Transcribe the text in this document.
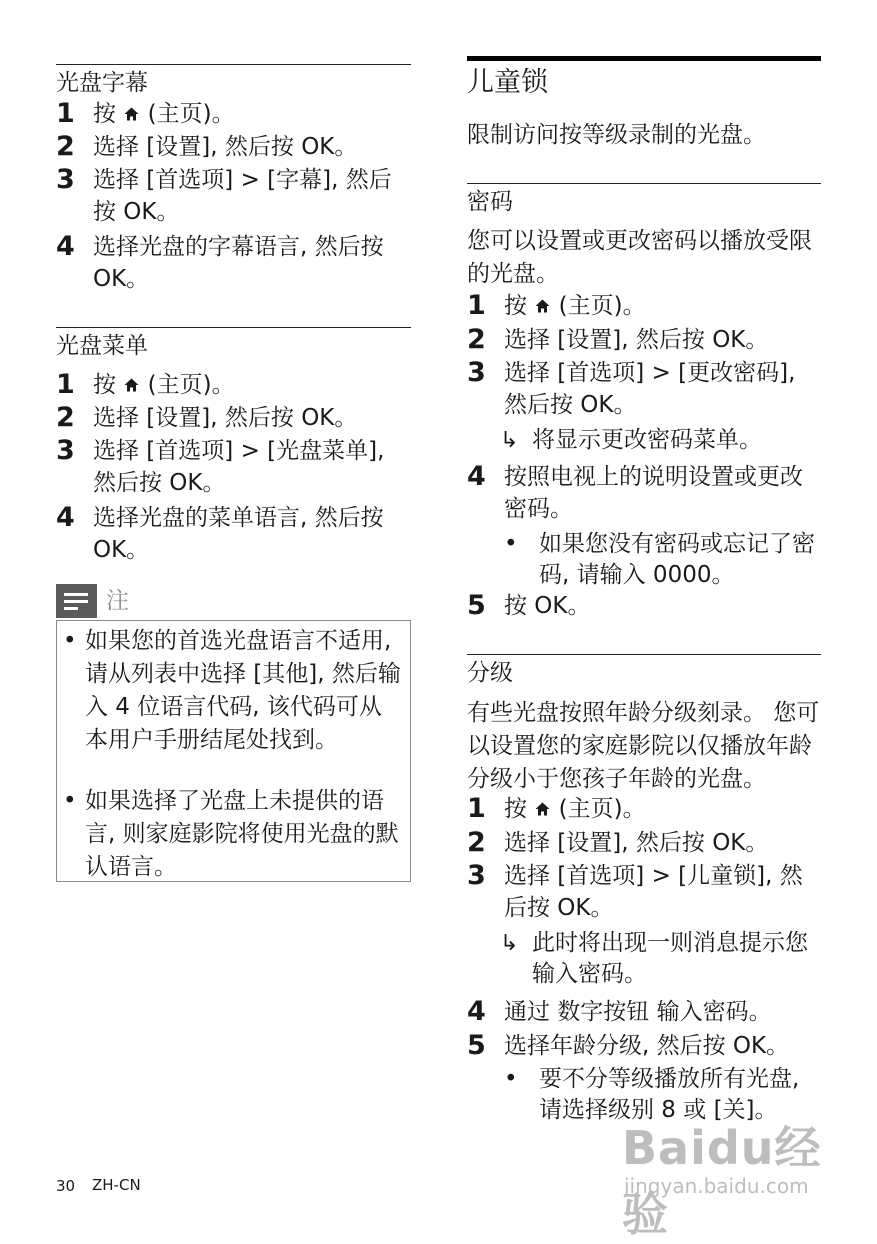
光盘字幕
1 按  (主页)。
2 选择 [设置], 然后按 OK。
3 选择 [首选项] > [字幕], 然后按 OK。
4 选择光盘的字幕语言, 然后按 OK。
光盘菜单
1 按  (主页)。
2 选择 [设置], 然后按 OK。
3 选择 [首选项] > [光盘菜单], 然后按 OK。
4 选择光盘的菜单语言, 然后按 OK。
注
• 如果您的首选光盘语言不适用, 请从列表中选择 [其他], 然后输入 4 位语言代码, 该代码可从本用户手册结尾处找到。
• 如果选择了光盘上未提供的语言, 则家庭影院将使用光盘的默认语言。
儿童锁
限制访问按等级录制的光盘。
密码
您可以设置或更改密码以播放受限的光盘。
1 按  (主页)。
2 选择 [设置], 然后按 OK。
3 选择 [首选项] > [更改密码], 然后按 OK。
↳ 将显示更改密码菜单。
4 按照电视上的说明设置或更改密码。
• 如果您没有密码或忘记了密码, 请输入 0000。
5 按 OK。
分级
有些光盘按照年龄分级刻录。 您可以设置您的家庭影院以仅播放年龄分级小于您孩子年龄的光盘。
1 按  (主页)。
2 选择 [设置], 然后按 OK。
3 选择 [首选项] > [儿童锁], 然后按 OK。
↳ 此时将出现一则消息提示您输入密码。
4 通过 数字按钮 输入密码。
5 选择年龄分级, 然后按 OK。
• 要不分等级播放所有光盘, 请选择级别 8 或 [关]。
30 ZH-CN
Baidu经验
jingyan.baidu.com
